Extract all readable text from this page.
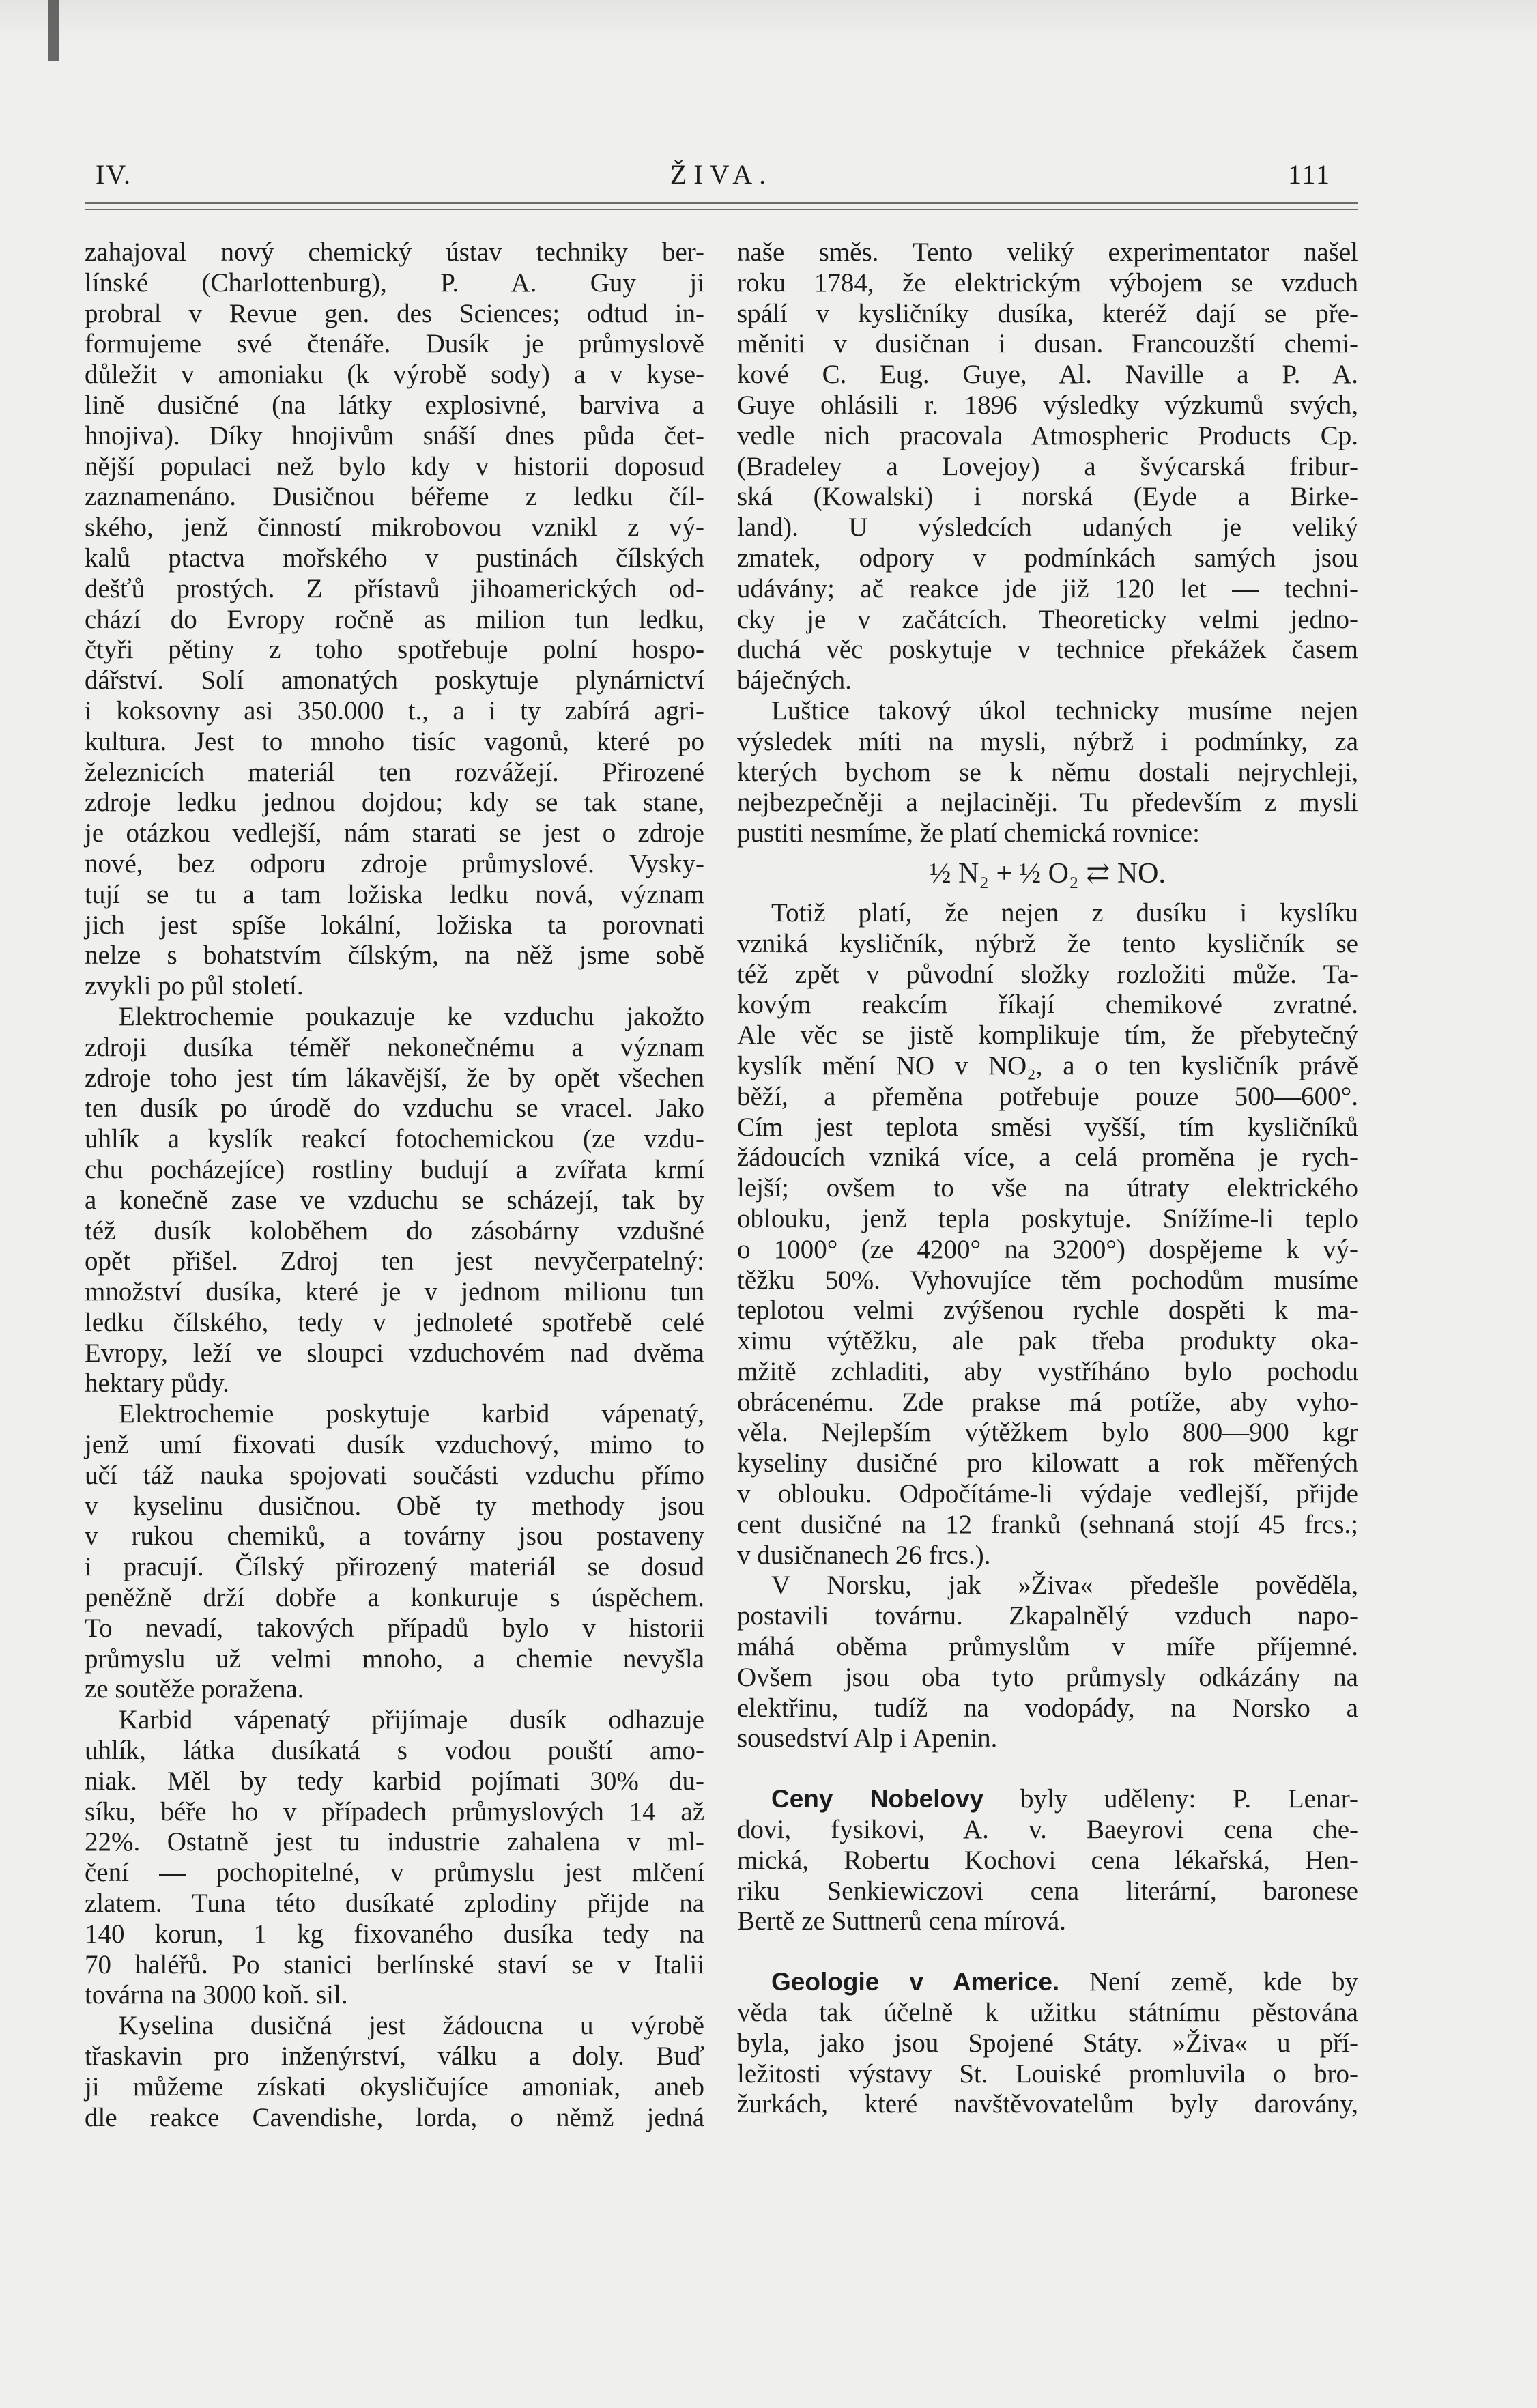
IV.	ŽIVA.	111
zahajoval nový chemický ústav techniky ber-
línské (Charlottenburg), P. A. Guy ji
probral v Revue gen. des Sciences; odtud in-
formujeme své čtenáře. Dusík je průmyslově
důležit v amoniaku (k výrobě sody) a v kyse-
lině dusičné (na látky explosivné, barviva a
hnojiva). Díky hnojivům snáší dnes půda čet-
nější populaci než bylo kdy v historii doposud
zaznamenáno. Dusičnou béřeme z ledku číl-
ského, jenž činností mikrobovou vznikl z vý-
kalů ptactva mořského v pustinách čílských
dešťů prostých. Z přístavů jihoamerických od-
chází do Evropy ročně as milion tun ledku,
čtyři pětiny z toho spotřebuje polní hospo-
dářství. Solí amonatých poskytuje plynárnictví
i koksovny asi 350.000 t., a i ty zabírá agri-
kultura. Jest to mnoho tisíc vagonů, které po
železnicích materiál ten rozvážejí. Přirozené
zdroje ledku jednou dojdou; kdy se tak stane,
je otázkou vedlejší, nám starati se jest o zdroje
nové, bez odporu zdroje průmyslové. Vysky-
tují se tu a tam ložiska ledku nová, význam
jich jest spíše lokální, ložiska ta porovnati
nelze s bohatstvím čílským, na něž jsme sobě
zvykli po půl století.
Elektrochemie poukazuje ke vzduchu jakožto
zdroji dusíka téměř nekonečnému a význam
zdroje toho jest tím lákavější, že by opět všechen
ten dusík po úrodě do vzduchu se vracel. Jako
uhlík a kyslík reakcí fotochemickou (ze vzdu-
chu pocházejíce) rostliny budují a zvířata krmí
a konečně zase ve vzduchu se scházejí, tak by
též dusík koloběhem do zásobárny vzdušné
opět přišel. Zdroj ten jest nevyčerpatelný:
množství dusíka, které je v jednom milionu tun
ledku čílského, tedy v jednoleté spotřebě celé
Evropy, leží ve sloupci vzduchovém nad dvěma
hektary půdy.
Elektrochemie poskytuje karbid vápenatý,
jenž umí fixovati dusík vzduchový, mimo to
učí táž nauka spojovati součásti vzduchu přímo
v kyselinu dusičnou. Obě ty methody jsou
v rukou chemiků, a továrny jsou postaveny
i pracují. Čílský přirozený materiál se dosud
peněžně drží dobře a konkuruje s úspěchem.
To nevadí, takových případů bylo v historii
průmyslu už velmi mnoho, a chemie nevyšla
ze soutěže poražena.
Karbid vápenatý přijímaje dusík odhazuje
uhlík, látka dusíkatá s vodou pouští amo-
niak. Měl by tedy karbid pojímati 30% du-
síku, béře ho v případech průmyslových 14 až
22%. Ostatně jest tu industrie zahalena v ml-
čení — pochopitelné, v průmyslu jest mlčení
zlatem. Tuna této dusíkaté zplodiny přijde na
140 korun, 1 kg fixovaného dusíka tedy na
70 haléřů. Po stanici berlínské staví se v Italii
továrna na 3000 koň. sil.
Kyselina dusičná jest žádoucna u výrobě
třaskavin pro inženýrství, válku a doly. Buď
ji můžeme získati okysličujíce amoniak, aneb
dle reakce Cavendishe, lorda, o němž jedná
naše směs. Tento veliký experimentator našel
roku 1784, že elektrickým výbojem se vzduch
spálí v kysličníky dusíka, kteréž dají se pře-
měniti v dusičnan i dusan. Francouzští chemi-
kové C. Eug. Guye, Al. Naville a P. A.
Guye ohlásili r. 1896 výsledky výzkumů svých,
vedle nich pracovala Atmospheric Products Cp.
(Bradeley a Lovejoy) a švýcarská fribur-
ská (Kowalski) i norská (Eyde a Birke-
land). U výsledcích udaných je veliký
zmatek, odpory v podmínkách samých jsou
udávány; ač reakce jde již 120 let — techni-
cky je v začátcích. Theoreticky velmi jedno-
duchá věc poskytuje v technice překážek časem
báječných.
Luštice takový úkol technicky musíme nejen
výsledek míti na mysli, nýbrž i podmínky, za
kterých bychom se k němu dostali nejrychleji,
nejbezpečněji a nejlaciněji. Tu především z mysli
pustiti nesmíme, že platí chemická rovnice:
½ N₂ + ½ O₂ ⇄ NO.
Totiž platí, že nejen z dusíku i kyslíku
vzniká kysličník, nýbrž že tento kysličník se
též zpět v původní složky rozložiti může. Ta-
kovým reakcím říkají chemikové zvratné.
Ale věc se jistě komplikuje tím, že přebytečný
kyslík mění NO v NO₂, a o ten kysličník právě
běží, a přeměna potřebuje pouze 500—600°.
Cím jest teplota směsi vyšší, tím kysličníků
žádoucích vzniká více, a celá proměna je rych-
lejší; ovšem to vše na útraty elektrického
oblouku, jenž tepla poskytuje. Snížíme-li teplo
o 1000° (ze 4200° na 3200°) dospějeme k vý-
těžku 50%. Vyhovujíce těm pochodům musíme
teplotou velmi zvýšenou rychle dospěti k ma-
ximu výtěžku, ale pak třeba produkty oka-
mžitě zchladiti, aby vystříháno bylo pochodu
obrácenému. Zde prakse má potíže, aby vyho-
věla. Nejlepším výtěžkem bylo 800—900 kgr
kyseliny dusičné pro kilowatt a rok měřených
v oblouku. Odpočítáme-li výdaje vedlejší, přijde
cent dusičné na 12 franků (sehnaná stojí 45 frcs.;
v dusičnanech 26 frcs.).
V Norsku, jak »Živa« předešle pověděla,
postavili továrnu. Zkapalnělý vzduch napo-
máhá oběma průmyslům v míře příjemné.
Ovšem jsou oba tyto průmysly odkázány na
elektřinu, tudíž na vodopády, na Norsko a
sousedství Alp i Apenin.
Ceny Nobelovy byly uděleny: P. Lenar-
dovi, fysikovi, A. v. Baeyrovi cena che-
mická, Robertu Kochovi cena lékařská, Hen-
riku Senkiewiczovi cena literární, baronese
Bertě ze Suttnerů cena mírová.
Geologie v Americe. Není země, kde by
věda tak účelně k užitku státnímu pěstována
byla, jako jsou Spojené Státy. »Živa« u pří-
ležitosti výstavy St. Louiské promluvila o bro-
žurkách, které navštěvovatelům byly darovány,
